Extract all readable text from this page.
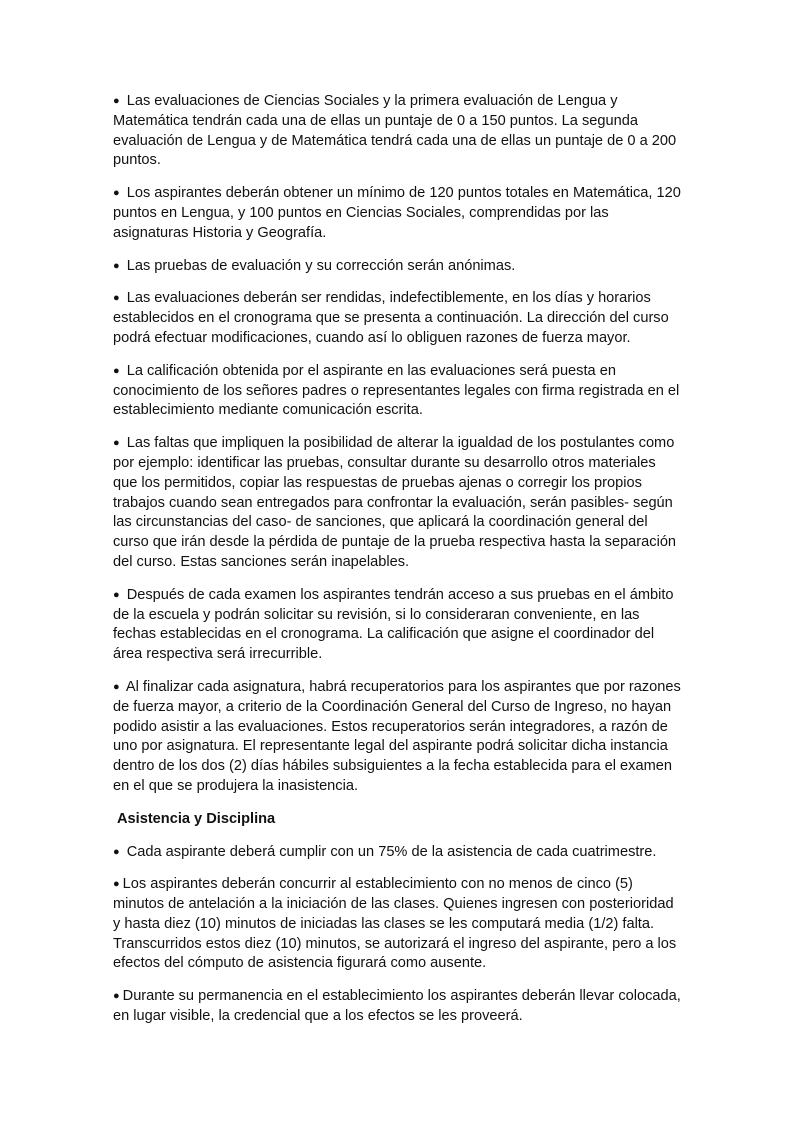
● Las evaluaciones de Ciencias Sociales y la primera evaluación de Lengua y Matemática tendrán cada una de ellas un puntaje de 0 a 150 puntos. La segunda evaluación de Lengua y de Matemática tendrá cada una de ellas un puntaje de 0 a 200 puntos.

● Los aspirantes deberán obtener un mínimo de 120 puntos totales en Matemática, 120 puntos en Lengua, y 100 puntos en Ciencias Sociales, comprendidas por las asignaturas Historia y Geografía.

● Las pruebas de evaluación y su corrección serán anónimas.

● Las evaluaciones deberán ser rendidas, indefectiblemente, en los días y horarios establecidos en el cronograma que se presenta a continuación. La dirección del curso podrá efectuar modificaciones, cuando así lo obliguen razones de fuerza mayor.

● La calificación obtenida por el aspirante en las evaluaciones será puesta en conocimiento de los señores padres o representantes legales con firma registrada en el establecimiento mediante comunicación escrita.

● Las faltas que impliquen la posibilidad de alterar la igualdad de los postulantes como por ejemplo: identificar las pruebas, consultar durante su desarrollo otros materiales que los permitidos, copiar las respuestas de pruebas ajenas o corregir los propios trabajos cuando sean entregados para confrontar la evaluación, serán pasibles- según las circunstancias del caso- de sanciones, que aplicará la coordinación general del curso que irán desde la pérdida de puntaje de la prueba respectiva hasta la separación del curso. Estas sanciones serán inapelables.

● Después de cada examen los aspirantes tendrán acceso a sus pruebas en el ámbito de la escuela y podrán solicitar su revisión, si lo consideraran conveniente, en las fechas establecidas en el cronograma. La calificación que asigne el coordinador del área respectiva será irrecurrible.

● Al finalizar cada asignatura, habrá recuperatorios para los aspirantes que por razones de fuerza mayor, a criterio de la Coordinación General del Curso de Ingreso, no hayan podido asistir a las evaluaciones. Estos recuperatorios serán integradores, a razón de uno por asignatura. El representante legal del aspirante podrá solicitar dicha instancia dentro de los dos (2) días hábiles subsiguientes a la fecha establecida para el examen en el que se produjera la inasistencia.

Asistencia y Disciplina

● Cada aspirante deberá cumplir con un 75% de la asistencia de cada cuatrimestre.

● Los aspirantes deberán concurrir al establecimiento con no menos de cinco (5) minutos de antelación a la iniciación de las clases. Quienes ingresen con posterioridad y hasta diez (10) minutos de iniciadas las clases se les computará media (1/2) falta. Transcurridos estos diez (10) minutos, se autorizará el ingreso del aspirante, pero a los efectos del cómputo de asistencia figurará como ausente.

● Durante su permanencia en el establecimiento los aspirantes deberán llevar colocada, en lugar visible, la credencial que a los efectos se les proveerá.
